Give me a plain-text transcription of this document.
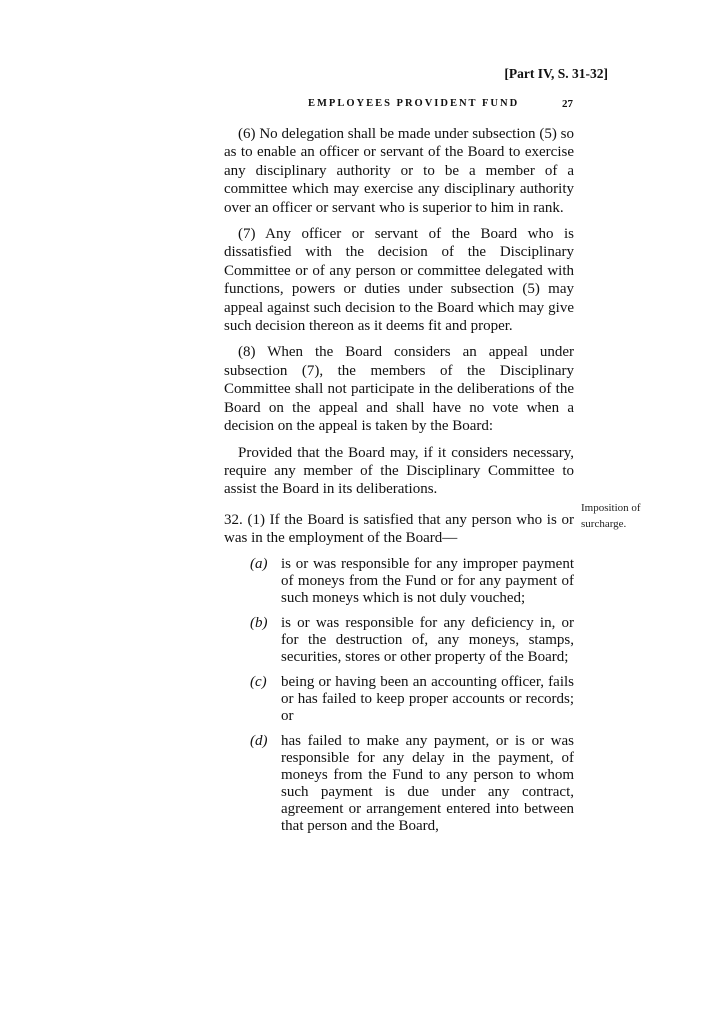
[Part IV, S. 31-32]
EMPLOYEES PROVIDENT FUND	27

(6) No delegation shall be made under subsection (5) so as to enable an officer or servant of the Board to exercise any disciplinary authority or to be a member of a committee which may exercise any disciplinary authority over an officer or servant who is superior to him in rank.

(7) Any officer or servant of the Board who is dissatisfied with the decision of the Disciplinary Committee or of any person or committee delegated with functions, powers or duties under subsection (5) may appeal against such decision to the Board which may give such decision thereon as it deems fit and proper.

(8) When the Board considers an appeal under subsection (7), the members of the Disciplinary Committee shall not participate in the deliberations of the Board on the appeal and shall have no vote when a decision on the appeal is taken by the Board:

Provided that the Board may, if it considers necessary, require any member of the Disciplinary Committee to assist the Board in its deliberations.

32. (1) If the Board is satisfied that any person who is or was in the employment of the Board—

(a) is or was responsible for any improper payment of moneys from the Fund or for any payment of such moneys which is not duly vouched;
(b) is or was responsible for any deficiency in, or for the destruction of, any moneys, stamps, securities, stores or other property of the Board;
(c) being or having been an accounting officer, fails or has failed to keep proper accounts or records; or
(d) has failed to make any payment, or is or was responsible for any delay in the payment, of moneys from the Fund to any person to whom such payment is due under any contract, agreement or arrangement entered into between that person and the Board,
Imposition of surcharge.
